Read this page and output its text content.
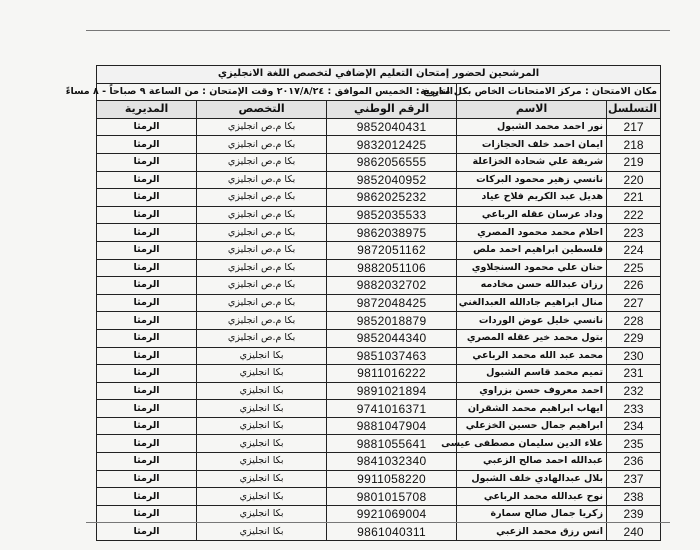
المرشحين لحضور إمتحان التعليم الإضافي لتخصص اللغة الانجليزي				
مكان الامتحان : مركز الامتحانات الخاص بكل مديرية		التاريخ : الخميس الموافق : ٢٠١٧/٨/٢٤ وقت الإمتحان : من الساعة ٩ صباحاً - ٨ مساءً		
التسلسل	الاسم	الرقم الوطني	التخصص	المديرية
217	نور احمد محمد الشبول	9852040431	بكا م.ص انجليزي	الرمثا
218	ايمان احمد خلف الحجازات	9832012425	بكا م.ص انجليزي	الرمثا
219	شريفة علي شحادة الخزاعلة	9862056555	بكا م.ص انجليزي	الرمثا
220	نانسي زهير محمود البركات	9852040952	بكا م.ص انجليزي	الرمثا
221	هديل عبد الكريم فلاح عياد	9862025232	بكا م.ص انجليزي	الرمثا
222	وداد عرسان عقله الرباعي	9852035533	بكا م.ص انجليزي	الرمثا
223	احلام محمد محمود المصري	9862038975	بكا م.ص انجليزي	الرمثا
224	فلسطين ابراهيم احمد ملص	9872051162	بكا م.ص انجليزي	الرمثا
225	حنان علي محمود السنجلاوي	9882051106	بكا م.ص انجليزي	الرمثا
226	رزان عبدالله حسن مخادمه	9882032702	بكا م.ص انجليزي	الرمثا
227	منال ابراهيم جادالله العبدالغني	9872048425	بكا م.ص انجليزي	الرمثا
228	نانسي خليل عوض الوردات	9852018879	بكا م.ص انجليزي	الرمثا
229	بتول محمد خير عقله المصري	9852044340	بكا م.ص انجليزي	الرمثا
230	محمد عبد الله محمد الرباعي	9851037463	بكا انجليزي	الرمثا
231	تميم محمد قاسم الشبول	9811016222	بكا انجليزي	الرمثا
232	احمد معروف حسن بزراوي	9891021894	بكا انجليزي	الرمثا
233	ايهاب ابراهيم محمد الشقران	9741016371	بكا انجليزي	الرمثا
234	ابراهيم جمال حسين الخزعلي	9881047904	بكا انجليزي	الرمثا
235	علاء الدين سليمان مصطفى عيسى	9881055641	بكا انجليزي	الرمثا
236	عبدالله احمد صالح الزعبي	9841032340	بكا انجليزي	الرمثا
237	بلال عبدالهادي خلف الشبول	9911058220	بكا انجليزي	الرمثا
238	نوح عبدالله محمد الرباعي	9801015708	بكا انجليزي	الرمثا
239	زكريا جمال صالح سمارة	9921069004	بكا انجليزي	الرمثا
240	انس رزق محمد الزعبي	9861040311	بكا انجليزي	الرمثا
